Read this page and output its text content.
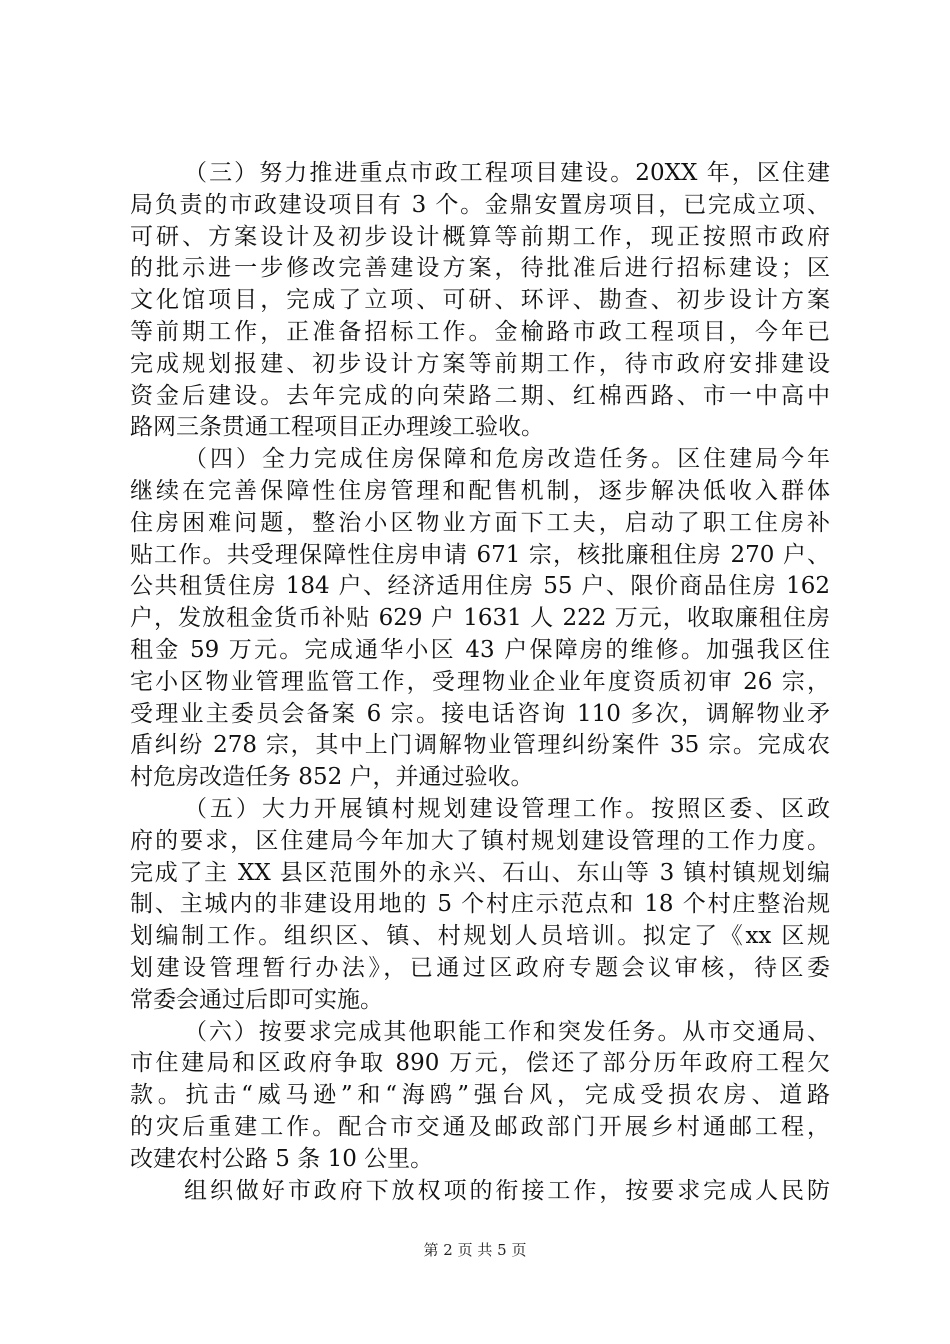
（三）努力推进重点市政工程项目建设。20XX 年，区住建
局负责的市政建设项目有 3 个。金鼎安置房项目，已完成立项、
可研、方案设计及初步设计概算等前期工作，现正按照市政府
的批示进一步修改完善建设方案，待批准后进行招标建设；区
文化馆项目，完成了立项、可研、环评、勘查、初步设计方案
等前期工作，正准备招标工作。金榆路市政工程项目，今年已
完成规划报建、初步设计方案等前期工作，待市政府安排建设
资金后建设。去年完成的向荣路二期、红棉西路、市一中高中
路网三条贯通工程项目正办理竣工验收。
（四）全力完成住房保障和危房改造任务。区住建局今年
继续在完善保障性住房管理和配售机制，逐步解决低收入群体
住房困难问题，整治小区物业方面下工夫，启动了职工住房补
贴工作。共受理保障性住房申请 671 宗，核批廉租住房 270 户、
公共租赁住房 184 户、经济适用住房 55 户、限价商品住房 162
户，发放租金货币补贴 629 户 1631 人 222 万元，收取廉租住房
租金 59 万元。完成通华小区 43 户保障房的维修。加强我区住
宅小区物业管理监管工作，受理物业企业年度资质初审 26 宗，
受理业主委员会备案 6 宗。接电话咨询 110 多次，调解物业矛
盾纠纷 278 宗，其中上门调解物业管理纠纷案件 35 宗。完成农
村危房改造任务 852 户，并通过验收。
（五）大力开展镇村规划建设管理工作。按照区委、区政
府的要求，区住建局今年加大了镇村规划建设管理的工作力度。
完成了主 XX 县区范围外的永兴、石山、东山等 3 镇村镇规划编
制、主城内的非建设用地的 5 个村庄示范点和 18 个村庄整治规
划编制工作。组织区、镇、村规划人员培训。拟定了《xx 区规
划建设管理暂行办法》，已通过区政府专题会议审核，待区委
常委会通过后即可实施。
（六）按要求完成其他职能工作和突发任务。从市交通局、
市住建局和区政府争取 890 万元，偿还了部分历年政府工程欠
款。抗击“威马逊”和“海鸥”强台风，完成受损农房、道路
的灾后重建工作。配合市交通及邮政部门开展乡村通邮工程，
改建农村公路 5 条 10 公里。
组织做好市政府下放权项的衔接工作，按要求完成人民防
第 2 页 共 5 页
